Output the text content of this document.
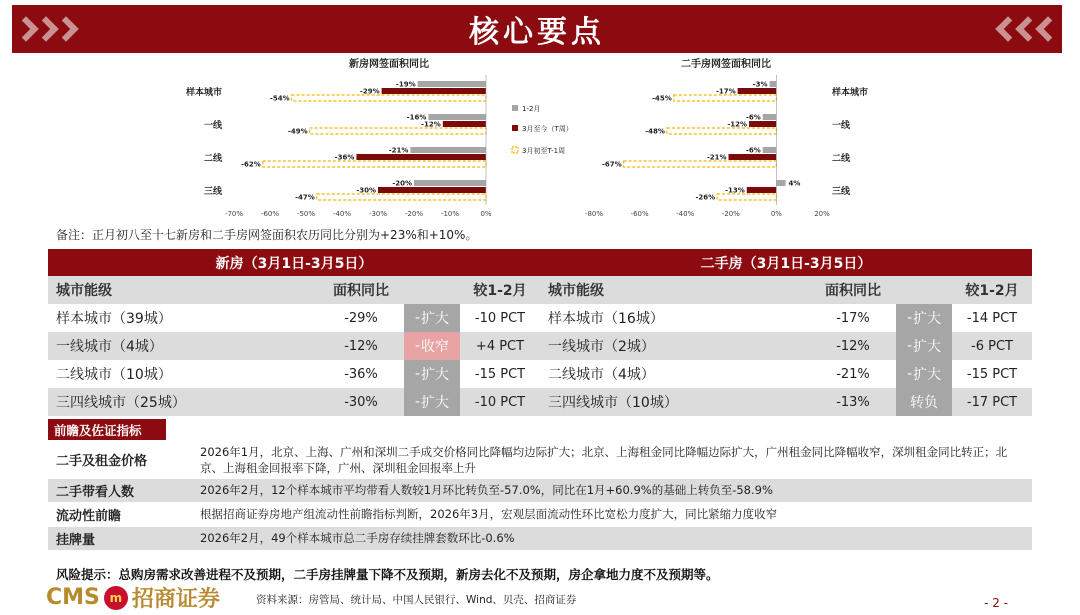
核心要点
新房网签面积同比
样本城市
-19%
-29%
-54%
一线
-16%
-12%
-49%
二线
-21%
-36%
-62%
三线
-20%
-30%
-47%
-70%	-60%	-50%	-40%	-30%	-20%	-10%	0%
1-2月
3月至今（T周）
3月初至T-1周
二手房网签面积同比
样本城市
-3%
-17%
-45%
一线
-6%
-12%
-48%
二线
-6%
-21%
-67%
三线
4%
-13%
-26%
-80%	-60%	-40%	-20%	0%	20%
备注：正月初八至十七新房和二手房网签面积农历同比分别为+23%和+10%。
新房（3月1日-3月5日）	二手房（3月1日-3月5日）
城市能级	面积同比	较1-2月	城市能级	面积同比	较1-2月
样本城市（39城）	-29%	- 扩大	-10 PCT	样本城市（16城）	-17%	- 扩大	-14 PCT
一线城市（4城）	-12%	- 收窄	+4 PCT	一线城市（2城）	-12%	- 扩大	-6 PCT
二线城市（10城）	-36%	- 扩大	-15 PCT	二线城市（4城）	-21%	- 扩大	-15 PCT
三四线城市（25城）	-30%	- 扩大	-10 PCT	三四线城市（10城）	-13%	转负	-17 PCT
前瞻及佐证指标
二手及租金价格
2026年1月，北京、上海、广州和深圳二手成交价格同比降幅均边际扩大；北京、上海租金同比降幅边际扩大，广州租金同比降幅收窄，深圳租金同比转正；北京、上海租金回报率下降，广州、深圳租金回报率上升
二手带看人数	2026年2月，12个样本城市平均带看人数较1月环比转负至-57.0%，同比在1月+60.9%的基础上转负至-58.9%
流动性前瞻	根据招商证券房地产组流动性前瞻指标判断，2026年3月，宏观层面流动性环比宽松力度扩大，同比紧缩力度收窄
挂牌量	2026年2月，49个样本城市总二手房存续挂牌套数环比-0.6%
风险提示：总购房需求改善进程不及预期，二手房挂牌量下降不及预期，新房去化不及预期，房企拿地力度不及预期等。
CMS m 招商证券	资料来源：房管局、统计局、中国人民银行、Wind、贝壳、招商证券	- 2 -
